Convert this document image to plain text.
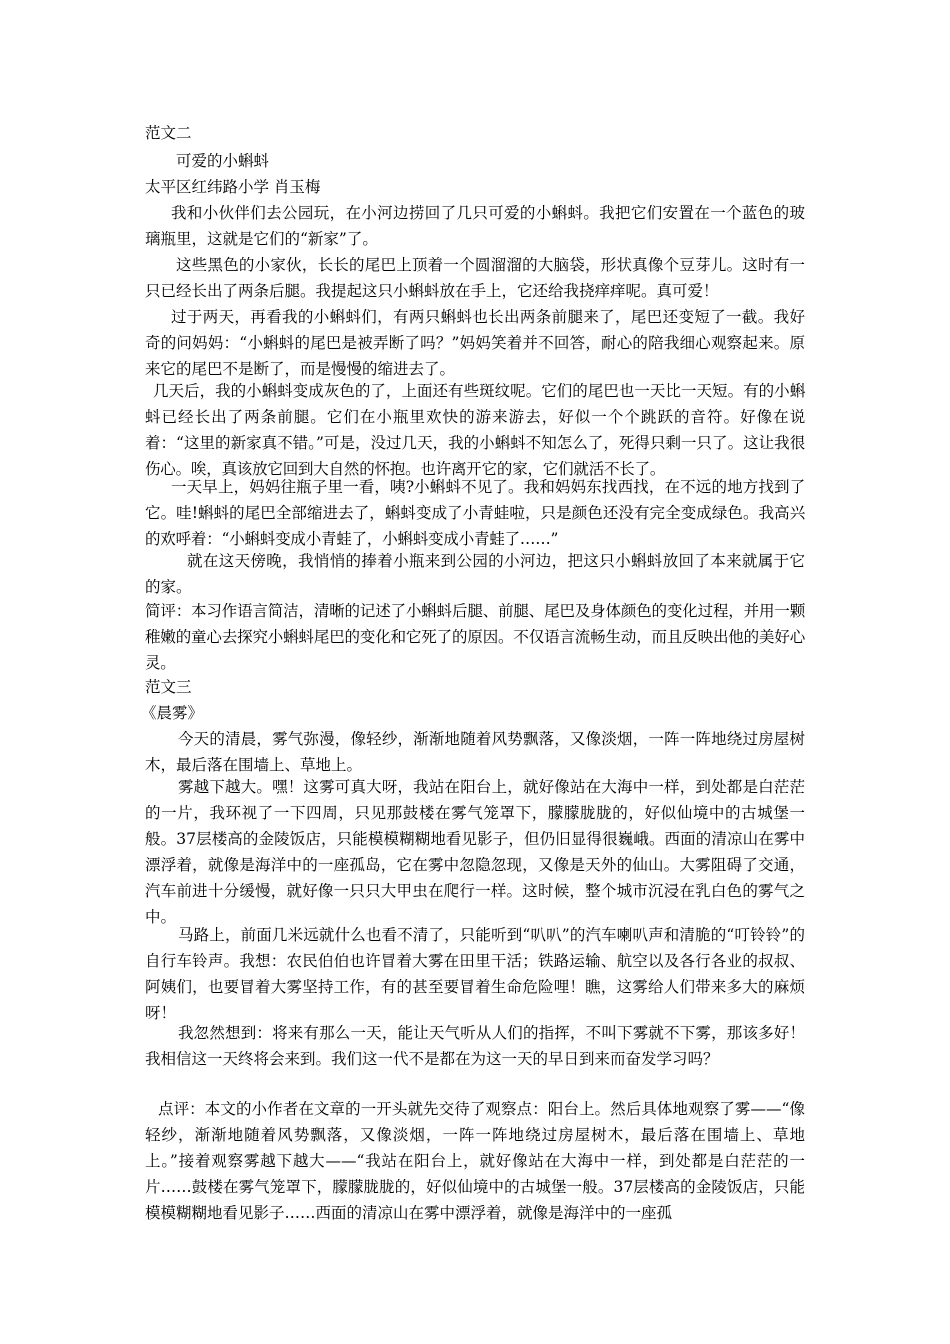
范文二

可爱的小蝌蚪

太平区红纬路小学 肖玉梅

我和小伙伴们去公园玩，在小河边捞回了几只可爱的小蝌蚪。我把它们安置在一个蓝色的玻璃瓶里，这就是它们的“新家”了。

这些黑色的小家伙，长长的尾巴上顶着一个圆溜溜的大脑袋，形状真像个豆芽儿。这时有一只已经长出了两条后腿。我提起这只小蝌蚪放在手上，它还给我挠痒痒呢。真可爱！

过于两天，再看我的小蝌蚪们，有两只蝌蚪也长出两条前腿来了，尾巴还变短了一截。我好奇的问妈妈：“小蝌蚪的尾巴是被弄断了吗？”妈妈笑着并不回答，耐心的陪我细心观察起来。原来它的尾巴不是断了，而是慢慢的缩进去了。

几天后，我的小蝌蚪变成灰色的了，上面还有些斑纹呢。它们的尾巴也一天比一天短。有的小蝌蚪已经长出了两条前腿。它们在小瓶里欢快的游来游去，好似一个个跳跃的音符。好像在说着：“这里的新家真不错。”可是，没过几天，我的小蝌蚪不知怎么了，死得只剩一只了。这让我很伤心。唉，真该放它回到大自然的怀抱。也许离开它的家，它们就活不长了。

一天早上，妈妈往瓶子里一看，咦?小蝌蚪不见了。我和妈妈东找西找，在不远的地方找到了它。哇!蝌蚪的尾巴全部缩进去了，蝌蚪变成了小青蛙啦，只是颜色还没有完全变成绿色。我高兴的欢呼着：“小蝌蚪变成小青蛙了，小蝌蚪变成小青蛙了……”

就在这天傍晚，我悄悄的捧着小瓶来到公园的小河边，把这只小蝌蚪放回了本来就属于它的家。

简评：本习作语言简洁，清晰的记述了小蝌蚪后腿、前腿、尾巴及身体颜色的变化过程，并用一颗稚嫩的童心去探究小蝌蚪尾巴的变化和它死了的原因。不仅语言流畅生动，而且反映出他的美好心灵。

范文三

《晨雾》

今天的清晨，雾气弥漫，像轻纱，渐渐地随着风势飘落，又像淡烟，一阵一阵地绕过房屋树木，最后落在围墙上、草地上。

雾越下越大。嘿！这雾可真大呀，我站在阳台上，就好像站在大海中一样，到处都是白茫茫的一片，我环视了一下四周，只见那鼓楼在雾气笼罩下，朦朦胧胧的，好似仙境中的古城堡一般。37层楼高的金陵饭店，只能模模糊糊地看见影子，但仍旧显得很巍峨。西面的清凉山在雾中漂浮着，就像是海洋中的一座孤岛，它在雾中忽隐忽现，又像是天外的仙山。大雾阻碍了交通，汽车前进十分缓慢，就好像一只只大甲虫在爬行一样。这时候，整个城市沉浸在乳白色的雾气之中。

马路上，前面几米远就什么也看不清了，只能听到“叭叭”的汽车喇叭声和清脆的“叮铃铃”的自行车铃声。我想：农民伯伯也许冒着大雾在田里干活；铁路运输、航空以及各行各业的叔叔、阿姨们，也要冒着大雾坚持工作，有的甚至要冒着生命危险哩！瞧，这雾给人们带来多大的麻烦呀！

我忽然想到：将来有那么一天，能让天气听从人们的指挥，不叫下雾就不下雾，那该多好！我相信这一天终将会来到。我们这一代不是都在为这一天的早日到来而奋发学习吗？

点评：本文的小作者在文章的一开头就先交待了观察点：阳台上。然后具体地观察了雾——“像轻纱，渐渐地随着风势飘落，又像淡烟，一阵一阵地绕过房屋树木，最后落在围墙上、草地上。”接着观察雾越下越大——“我站在阳台上，就好像站在大海中一样，到处都是白茫茫的一片……鼓楼在雾气笼罩下，朦朦胧胧的，好似仙境中的古城堡一般。37层楼高的金陵饭店，只能模模糊糊地看见影子……西面的清凉山在雾中漂浮着，就像是海洋中的一座孤
